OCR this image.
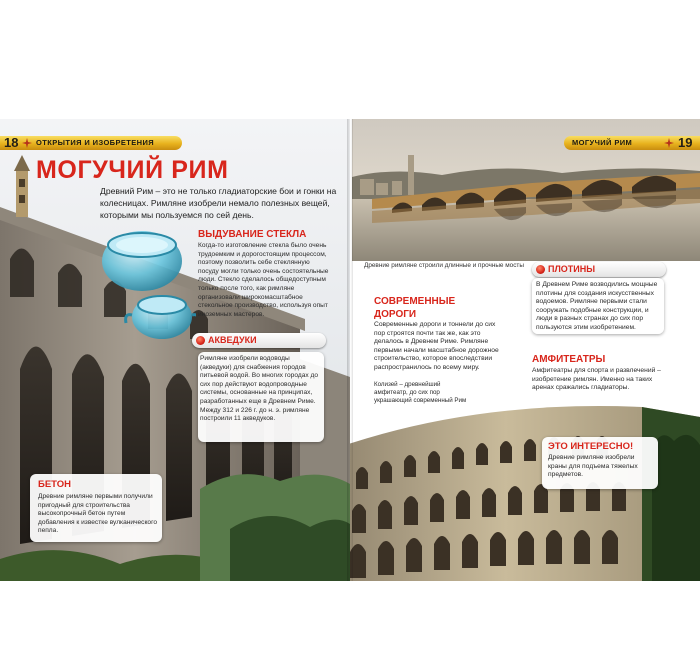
18 ОТКРЫТИЯ И ИЗОБРЕТЕНИЯ
МОГУЧИЙ РИМ
Древний Рим – это не только гладиаторские бои и гонки на колесницах. Римляне изобрели немало полезных вещей, которыми мы пользуемся по сей день.
ВЫДУВАНИЕ СТЕКЛА
Когда-то изготовление стекла было очень трудоемким и дорогостоящим процессом, поэтому позволить себе стеклянную посуду могли только очень состоятельные люди. Стекло сделалось общедоступным только после того, как римляне организовали широкомасштабное стекольное производство, используя опыт иноземных мастеров.
АКВЕДУКИ
Римляне изобрели водоводы (акведуки) для снабжения городов питьевой водой. Во многих городах до сих пор действуют водопроводные системы, основанные на принципах, разработанных еще в Древнем Риме. Между 312 и 226 г. до н. э. римляне построили 11 акведуков.
БЕТОН
Древние римляне первыми получили пригодный для строительства высокопрочный бетон путем добавления к известке вулканического пепла.
Древние римляне строили длинные и прочные мосты
МОГУЧИЙ РИМ	19
ПЛОТИНЫ
В Древнем Риме возводились мощные плотины для создания искусственных водоемов. Римляне первыми стали сооружать подобные конструкции, и люди в разных странах до сих пор пользуются этим изобретением.
СОВРЕМЕННЫЕ ДОРОГИ
Современные дороги и тоннели до сих пор строятся почти так же, как это делалось в Древнем Риме. Римляне первыми начали масштабное дорожное строительство, которое впоследствии распространилось по всему миру.
АМФИТЕАТРЫ
Амфитеатры для спорта и развлечений – изобретение римлян. Именно на таких аренах сражались гладиаторы.
Колизей – древнейший амфитеатр, до сих пор украшающий современный Рим
ЭТО ИНТЕРЕСНО!
Древние римляне изобрели краны для подъема тяжелых предметов.
